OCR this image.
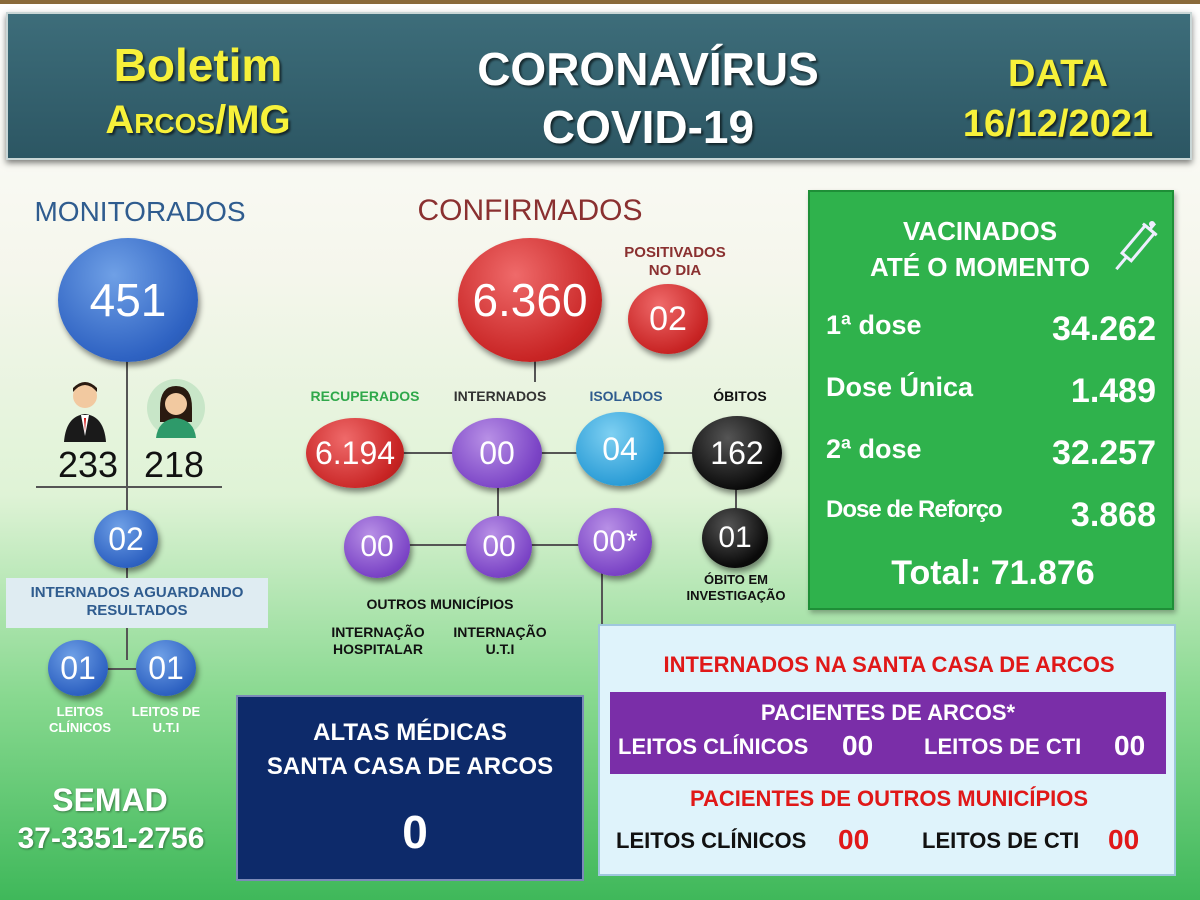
Boletim
Arcos/MG
CORONAVÍRUS
COVID-19
DATA
16/12/2021
MONITORADOS
451
233 218
02
INTERNADOS AGUARDANDO RESULTADOS
01	01
LEITOS CLÍNICOS
LEITOS DE U.T.I
SEMAD
37-3351-2756
CONFIRMADOS
POSITIVADOS NO DIA
6.360	02
RECUPERADOS	INTERNADOS	ISOLADOS	ÓBITOS
6.194	00	04	162
00	00	00*	01
ÓBITO EM INVESTIGAÇÃO
OUTROS MUNICÍPIOS
INTERNAÇÃO HOSPITALAR
INTERNAÇÃO U.T.I
VACINADOS
ATÉ O MOMENTO
1ª dose	34.262
Dose Única	1.489
2ª dose	32.257
Dose de Reforço 3.868
Total: 71.876
ALTAS MÉDICAS
SANTA CASA DE ARCOS
0
INTERNADOS NA SANTA CASA DE ARCOS
PACIENTES DE ARCOS*
LEITOS CLÍNICOS 00 LEITOS DE CTI 00
PACIENTES DE OUTROS MUNICÍPIOS
LEITOS CLÍNICOS 00 LEITOS DE CTI 00
